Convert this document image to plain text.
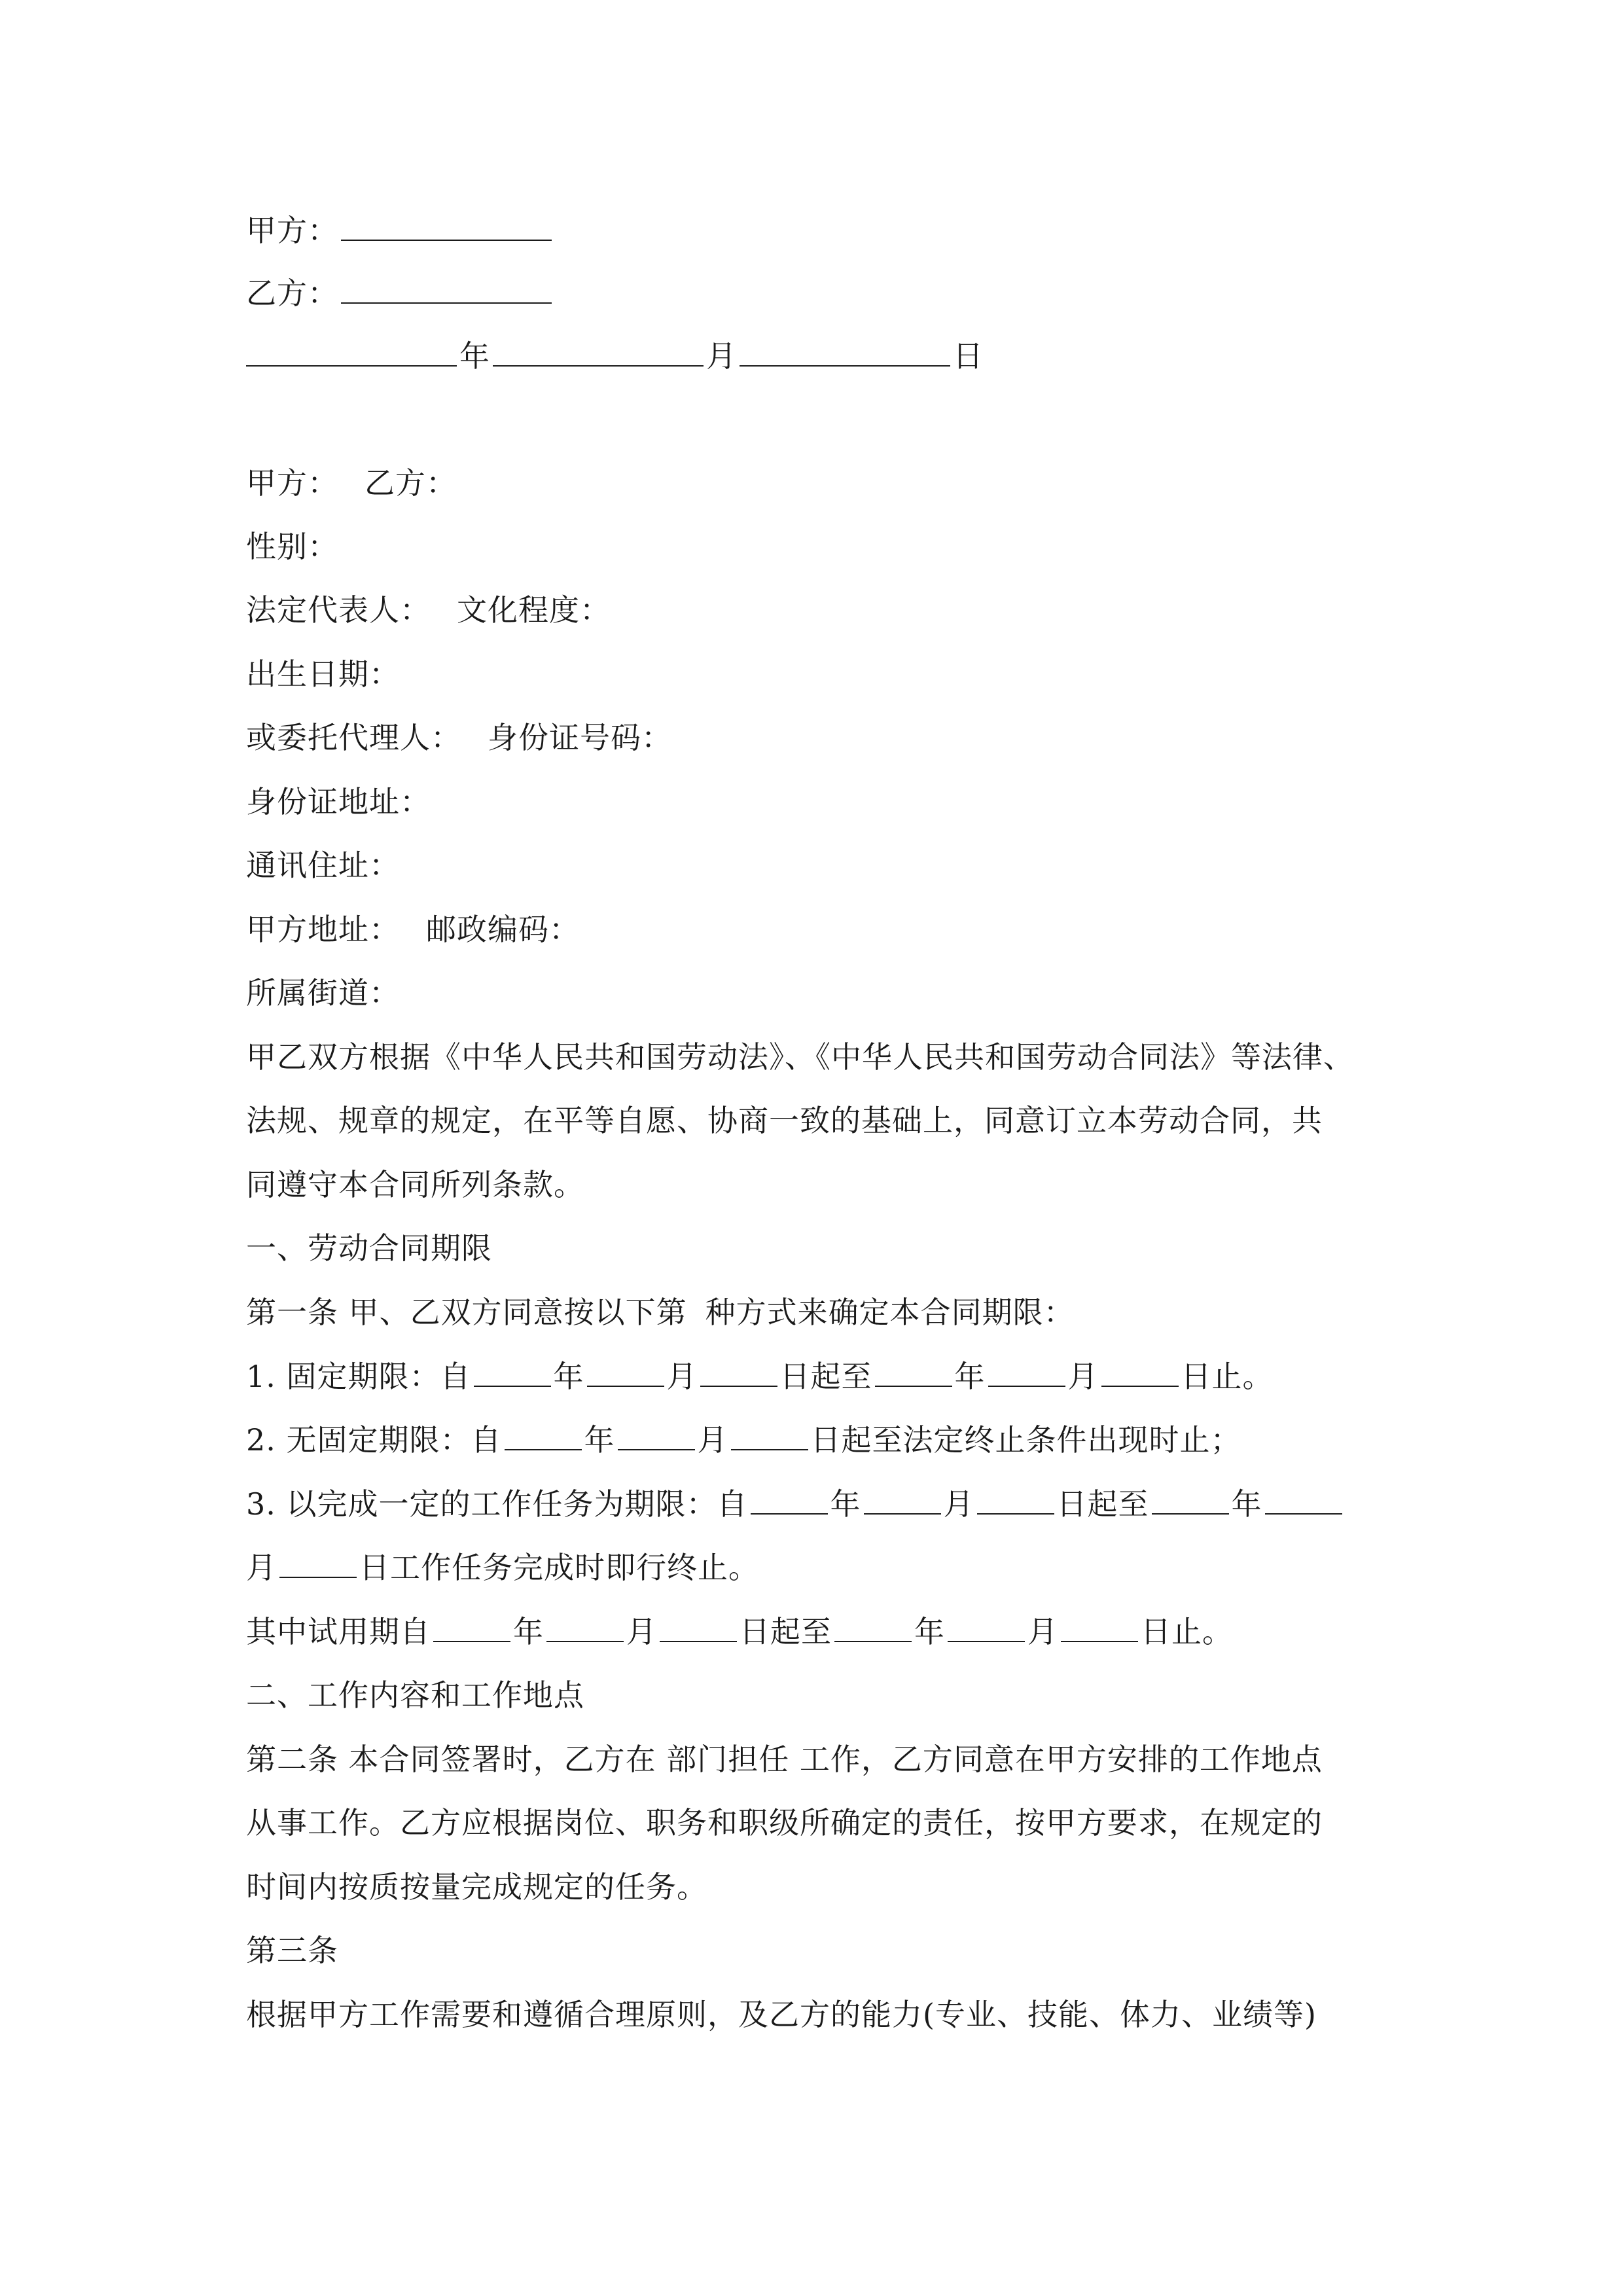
甲方：
乙方：
年	月	日
甲方： 乙方：
性别：
法定代表人： 文化程度：
出生日期：
或委托代理人： 身份证号码：
身份证地址：
通讯住址：
甲方地址： 邮政编码：
所属街道：
甲乙双方根据《中华人民共和国劳动法》、《中华人民共和国劳动合同法》等法律、
法规、规章的规定，在平等自愿、协商一致的基础上，同意订立本劳动合同，共
同遵守本合同所列条款。
一、劳动合同期限
第一条 甲、乙双方同意按以下第 种方式来确定本合同期限：
1. 固定期限：自	年	月	日起至	年	月	日止。
2. 无固定期限：自	年	月	日起至法定终止条件出现时止；
3. 以完成一定的工作任务为期限：自	年	月	日起至	年
月	日工作任务完成时即行终止。
其中试用期自	年	月	日起至	年	月	日止。
二、工作内容和工作地点
第二条 本合同签署时，乙方在 部门担任 工作，乙方同意在甲方安排的工作地点
从事工作。乙方应根据岗位、职务和职级所确定的责任，按甲方要求，在规定的
时间内按质按量完成规定的任务。
第三条
根据甲方工作需要和遵循合理原则，及乙方的能力(专业、技能、体力、业绩等)
